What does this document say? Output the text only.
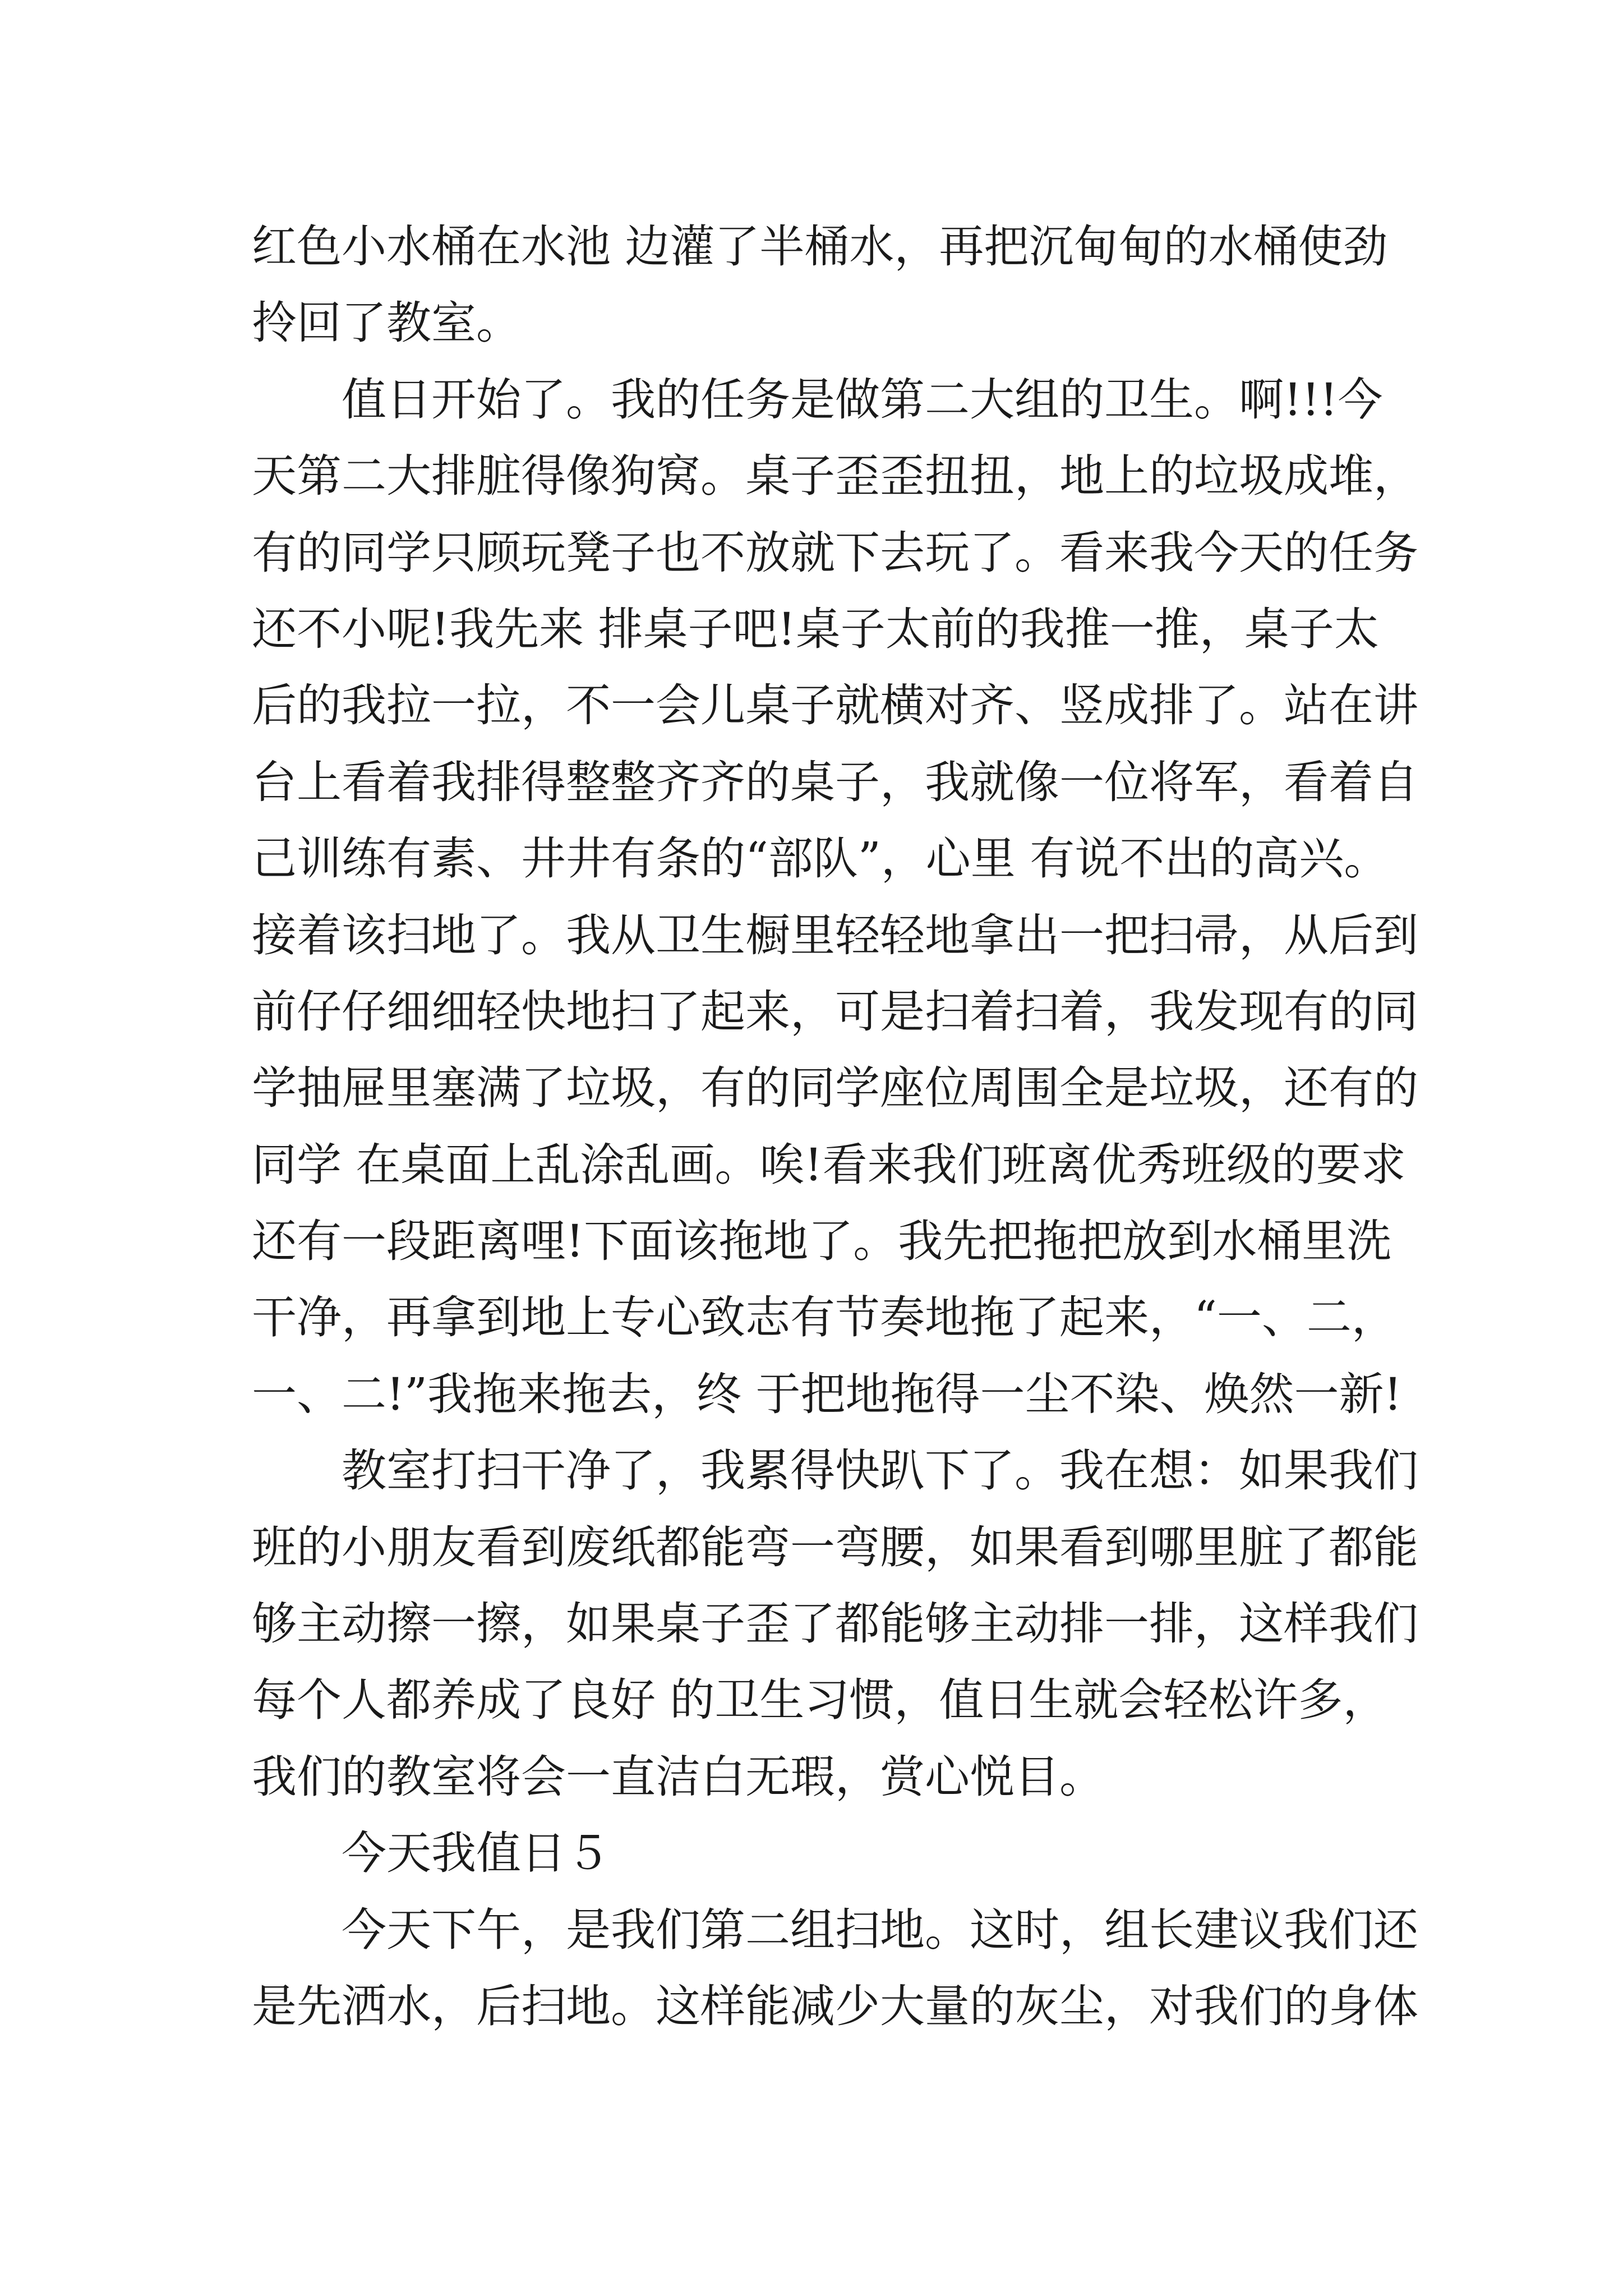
红色小水桶在水池 边灌了半桶水，再把沉甸甸的水桶使劲
拎回了教室。
值日开始了。我的任务是做第二大组的卫生。啊!!!今
天第二大排脏得像狗窝。桌子歪歪扭扭，地上的垃圾成堆，
有的同学只顾玩凳子也不放就下去玩了。看来我今天的任务
还不小呢!我先来 排桌子吧!桌子太前的我推一推，桌子太
后的我拉一拉，不一会儿桌子就横对齐、竖成排了。站在讲
台上看着我排得整整齐齐的桌子，我就像一位将军，看着自
己训练有素、井井有条的“部队”，心里 有说不出的高兴。
接着该扫地了。我从卫生橱里轻轻地拿出一把扫帚，从后到
前仔仔细细轻快地扫了起来，可是扫着扫着，我发现有的同
学抽屉里塞满了垃圾，有的同学座位周围全是垃圾，还有的
同学 在桌面上乱涂乱画。唉!看来我们班离优秀班级的要求
还有一段距离哩!下面该拖地了。我先把拖把放到水桶里洗
干净，再拿到地上专心致志有节奏地拖了起来，“一、二，
一、二!”我拖来拖去，终 于把地拖得一尘不染、焕然一新!
教室打扫干净了，我累得快趴下了。我在想：如果我们
班的小朋友看到废纸都能弯一弯腰，如果看到哪里脏了都能
够主动擦一擦，如果桌子歪了都能够主动排一排，这样我们
每个人都养成了良好 的卫生习惯，值日生就会轻松许多，
我们的教室将会一直洁白无瑕，赏心悦目。
今天我值日５
今天下午，是我们第二组扫地。这时，组长建议我们还
是先洒水，后扫地。这样能减少大量的灰尘，对我们的身体
